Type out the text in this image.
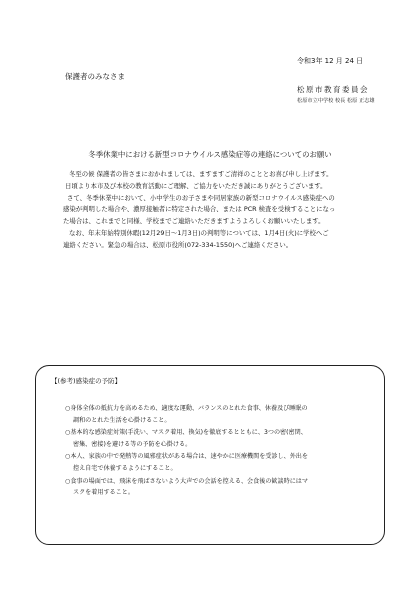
令和3年 12 月 24 日
保護者のみなさま
松原市教育委員会
松原市立中学校 校長 松原 正志雄
冬季休業中における新型コロナウイルス感染症等の連絡についてのお願い

冬至の候 保護者の皆さまにおかれましては、ますますご清祥のこととお喜び申し上げます。

日頃より本市及び本校の教育活動にご理解、ご協力をいただき誠にありがとうございます。

さて、冬季休業中において、小中学生のお子さまや同居家族の新型コロナウイルス感染症への

感染が判明した場合や、濃厚接触者に特定された場合、または PCR 検査を受検することになっ

た場合は、これまでと同様、学校までご連絡いただきますようよろしくお願いいたします。

なお、年末年始特別休暇(12月29日～1月3日)の判明等については、1月4日(火)に学校へご

連絡ください。緊急の場合は、松原市役所(072-334-1550)へご連絡ください。

【(参考)感染症の予防】
○身体全体の抵抗力を高めるため、適度な運動、バランスのとれた食事、休養及び睡眠の
調和のとれた生活を心掛けること。
○基本的な感染症対策(手洗い、マスク着用、換気)を徹底するとともに、3つの密(密閉、
密集、密接)を避ける等の予防を心掛ける。
○本人、家族の中で発熱等の風邪症状がある場合は、速やかに医療機関を受診し、外出を
控え自宅で休養するようにすること。
○食事の場面では、飛沫を飛ばさないよう大声での会話を控える、会食後の歓談時にはマ
スクを着用すること。
